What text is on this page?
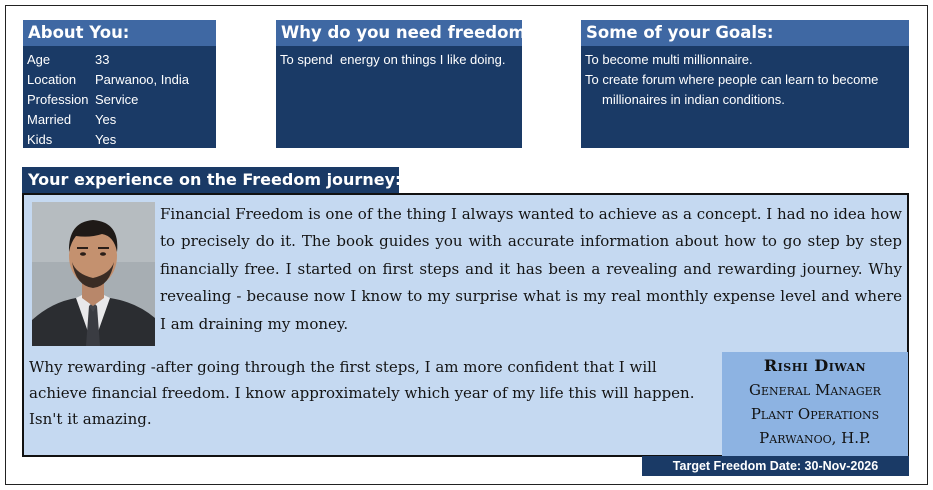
About You:
Age	33
Location	Parwanoo, India
Profession Service
Married	Yes
Kids	Yes
Why do you need freedom:
To spend  energy on things I like doing.
Some of your Goals:
To become multi millionnaire.
To create forum where people can learn to become
millionaires in indian conditions.
Your experience on the Freedom journey:
Financial Freedom is one of the thing I always wanted to achieve as a concept. I had no idea how to precisely do it. The book guides you with accurate information about how to go step by step financially free. I started on first steps and it has been a revealing and rewarding journey. Why revealing - because now I know to my surprise what is my real monthly expense level and where I am draining my money.
Why rewarding -after going through the first steps, I am more confident that I will achieve financial freedom. I know approximately which year of my life this will happen. Isn't it amazing.
Rishi Diwan
General Manager
Plant Operations
Parwanoo, H.P.
Target Freedom Date: 30-Nov-2026
